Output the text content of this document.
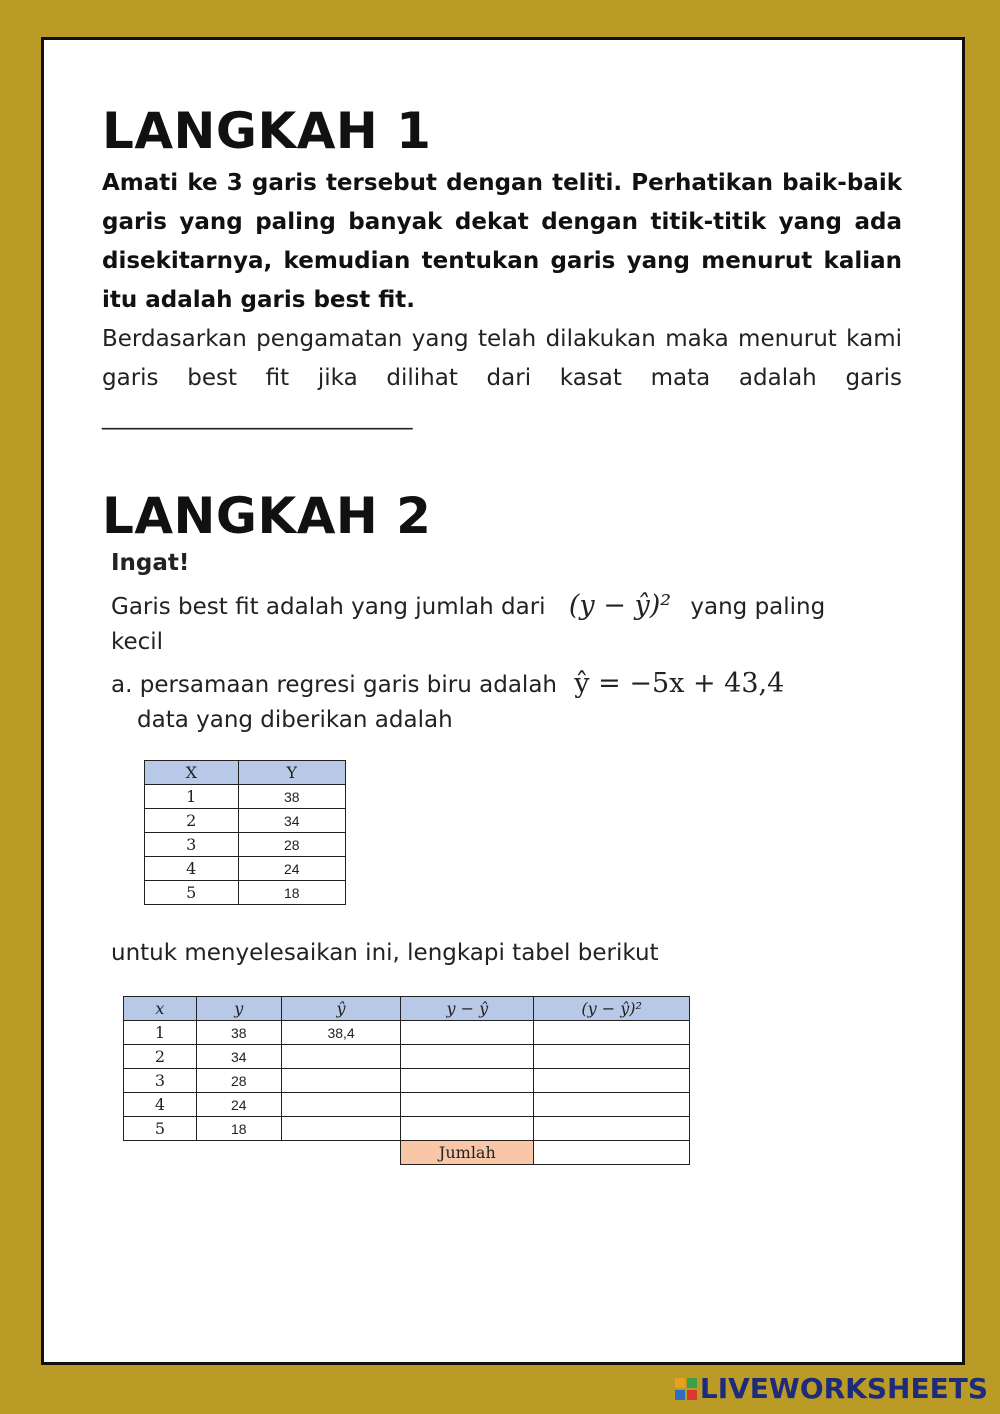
LANGKAH 1
Amati ke 3 garis tersebut dengan teliti. Perhatikan baik-baik garis yang paling banyak dekat dengan titik-titik yang ada disekitarnya, kemudian tentukan garis yang menurut kalian itu adalah garis best fit.
Berdasarkan pengamatan yang telah dilakukan maka menurut kami garis best fit jika dilihat dari kasat mata adalah garis ___________________________
LANGKAH 2
Ingat!
Garis best fit adalah yang jumlah dari (y − ŷ)² yang paling
kecil
a. persamaan regresi garis biru adalah ŷ = −5x + 43,4
data yang diberikan adalah
X	Y
1	38
2	34
3	28
4	24
5	18
untuk menyelesaikan ini, lengkapi tabel berikut
x	y	ŷ	y − ŷ	(y − ŷ)²
1	38	38,4		
2	34			
3	28			
4	24			
5	18			
			Jumlah	
LIVEWORKSHEETS
